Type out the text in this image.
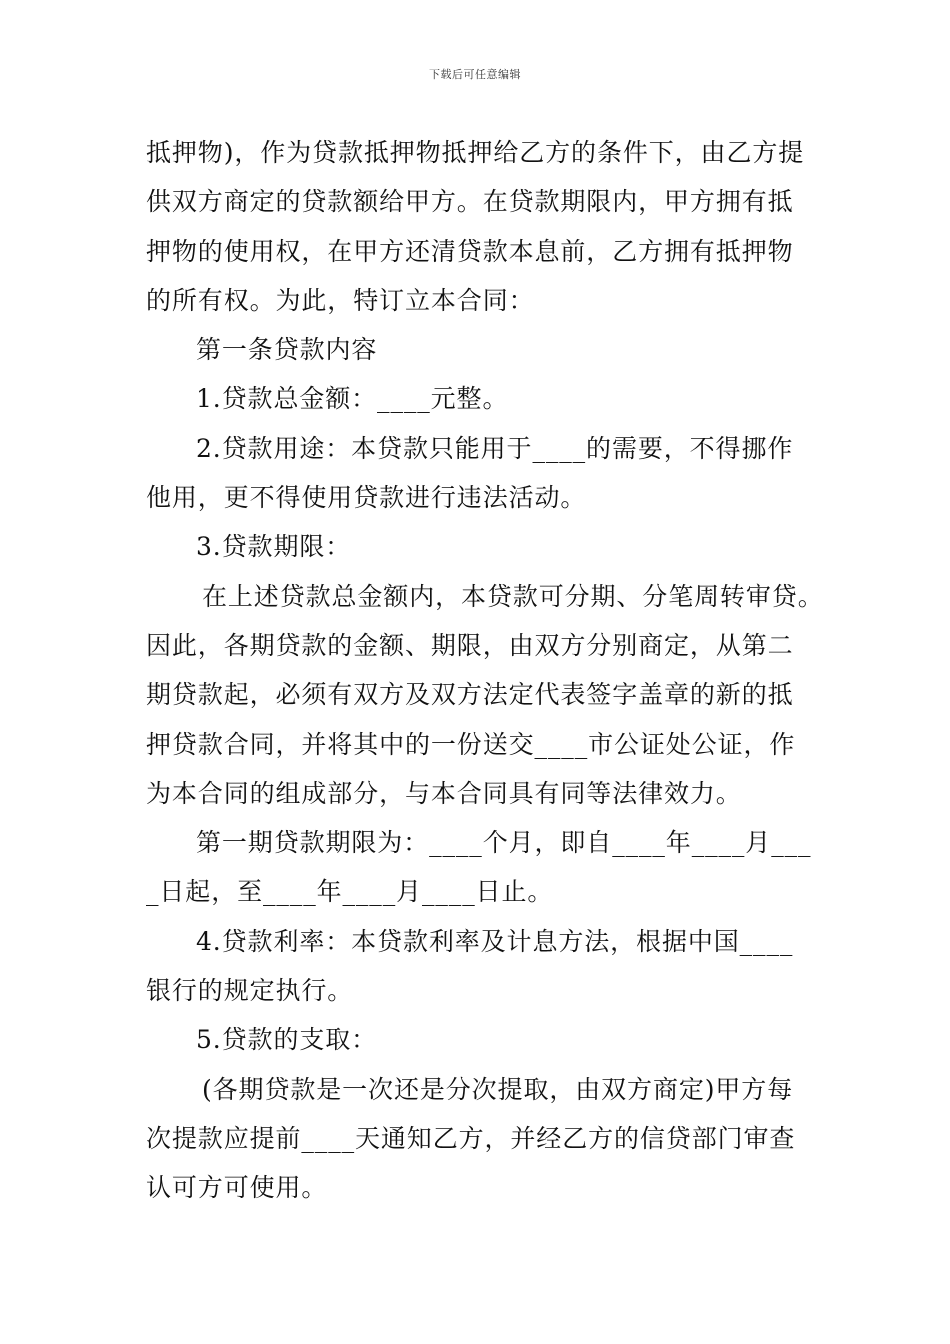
下载后可任意编辑
抵押物)，作为贷款抵押物抵押给乙方的条件下，由乙方提
供双方商定的贷款额给甲方。在贷款期限内，甲方拥有抵
押物的使用权，在甲方还清贷款本息前，乙方拥有抵押物
的所有权。为此，特订立本合同：
第一条贷款内容
1.贷款总金额：____元整。
2.贷款用途：本贷款只能用于____的需要，不得挪作
他用，更不得使用贷款进行违法活动。
3.贷款期限：
在上述贷款总金额内，本贷款可分期、分笔周转审贷。
因此，各期贷款的金额、期限，由双方分别商定，从第二
期贷款起，必须有双方及双方法定代表签字盖章的新的抵
押贷款合同，并将其中的一份送交____市公证处公证，作
为本合同的组成部分，与本合同具有同等法律效力。
第一期贷款期限为：____个月，即自____年____月___
_日起，至____年____月____日止。
4.贷款利率：本贷款利率及计息方法，根据中国____
银行的规定执行。
5.贷款的支取：
(各期贷款是一次还是分次提取，由双方商定)甲方每
次提款应提前____天通知乙方，并经乙方的信贷部门审查
认可方可使用。
